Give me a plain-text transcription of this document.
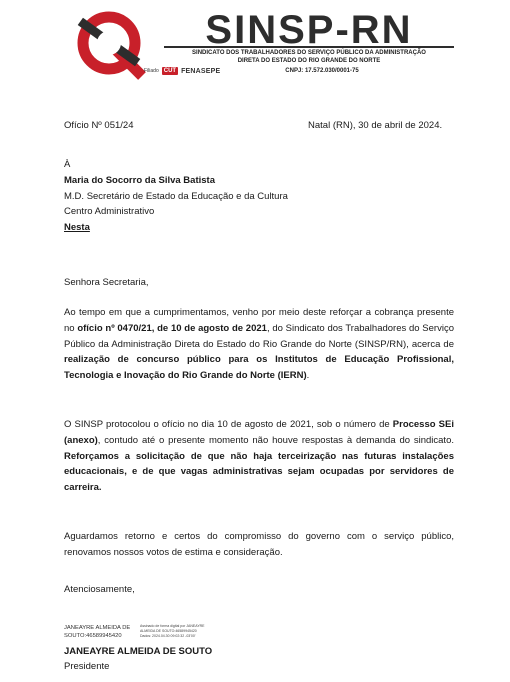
SINSP-RN
SINDICATO DOS TRABALHADORES DO SERVIÇO PÚBLICO DA ADMINISTRAÇÃO
DIRETA DO ESTADO DO RIO GRANDE DO NORTE
Filiado CUT FENASEPE	CNPJ: 17.572.030/0001-75
Ofício Nº 051/24	Natal (RN), 30 de abril de 2024.
À
Maria do Socorro da Silva Batista
M.D. Secretário de Estado da Educação e da Cultura
Centro Administrativo
Nesta
Senhora Secretaria,
Ao tempo em que a cumprimentamos, venho por meio deste reforçar a cobrança presente no ofício nº 0470/21, de 10 de agosto de 2021, do Sindicato dos Trabalhadores do Serviço Público da Administração Direta do Estado do Rio Grande do Norte (SINSP/RN), acerca de realização de concurso público para os Institutos de Educação Profissional, Tecnologia e Inovação do Rio Grande do Norte (IERN).
O SINSP protocolou o ofício no dia 10 de agosto de 2021, sob o número de Processo SEi (anexo), contudo até o presente momento não houve respostas à demanda do sindicato. Reforçamos a solicitação de que não haja terceirização nas futuras instalações educacionais, e de que vagas administrativas sejam ocupadas por servidores de carreira.
Aguardamos retorno e certos do compromisso do governo com o serviço público, renovamos nossos votos de estima e consideração.
Atenciosamente,
JANEAYRE ALMEIDA DE
SOUTO:46589945420
Assinado de forma digital por JANEAYRE
ALMEIDA DE SOUTO:46589945420
Dados: 2024.04.30 09:02:32 -03'00'
JANEAYRE ALMEIDA DE SOUTO
Presidente
